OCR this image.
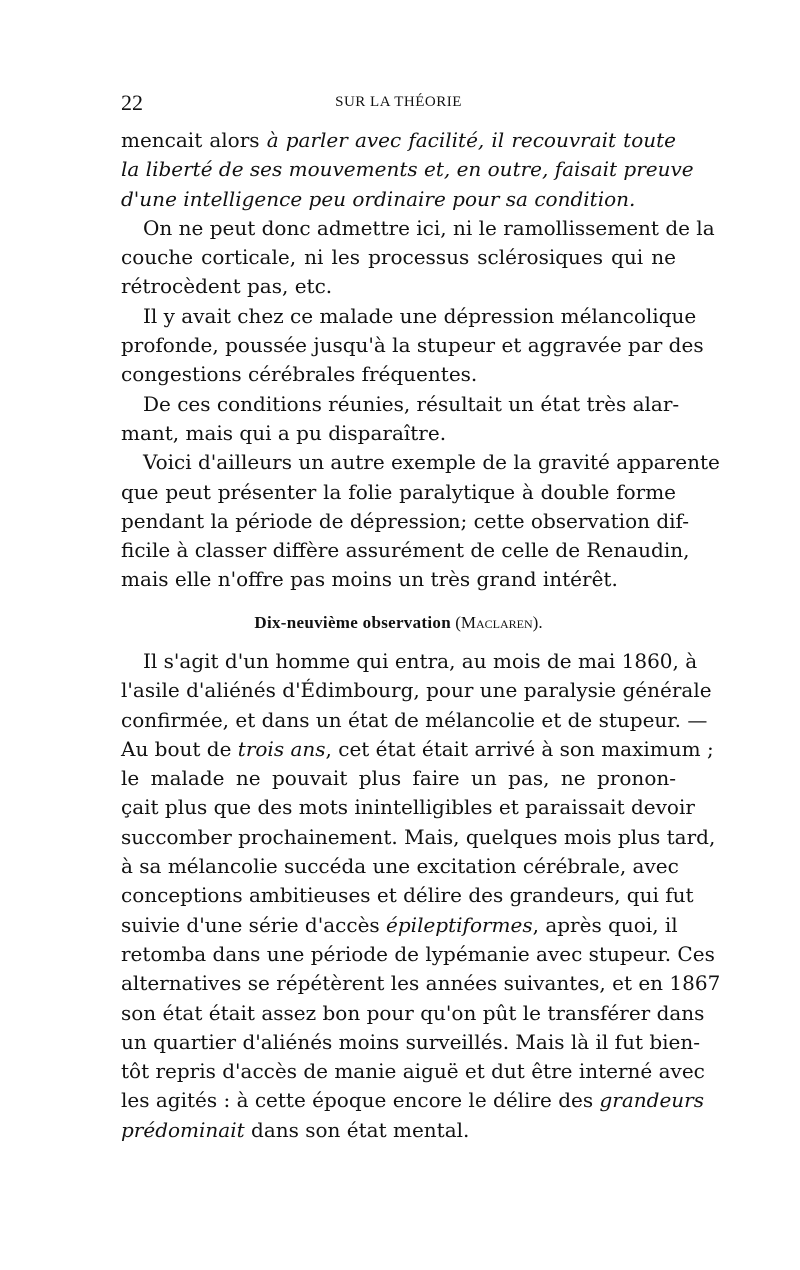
22	SUR LA THÉORIE

mencait alors à parler avec facilité, il recouvrait toute
la liberté de ses mouvements et, en outre, faisait preuve
d'une intelligence peu ordinaire pour sa condition.

On ne peut donc admettre ici, ni le ramollissement de la
couche corticale, ni les processus sclérosiques qui ne
rétrocèdent pas, etc.

Il y avait chez ce malade une dépression mélancolique
profonde, poussée jusqu'à la stupeur et aggravée par des
congestions cérébrales fréquentes.

De ces conditions réunies, résultait un état très alar-
mant, mais qui a pu disparaître.

Voici d'ailleurs un autre exemple de la gravité apparente
que peut présenter la folie paralytique à double forme
pendant la période de dépression; cette observation dif-
ficile à classer diffère assurément de celle de Renaudin,
mais elle n'offre pas moins un très grand intérêt.

Dix-neuvième observation (Maclaren).

Il s'agit d'un homme qui entra, au mois de mai 1860, à
l'asile d'aliénés d'Édimbourg, pour une paralysie générale
confirmée, et dans un état de mélancolie et de stupeur. —
Au bout de trois ans, cet état était arrivé à son maximum ;
le malade ne pouvait plus faire un pas, ne pronon-
çait plus que des mots inintelligibles et paraissait devoir
succomber prochainement. Mais, quelques mois plus tard,
à sa mélancolie succéda une excitation cérébrale, avec
conceptions ambitieuses et délire des grandeurs, qui fut
suivie d'une série d'accès épileptiformes, après quoi, il
retomba dans une période de lypémanie avec stupeur. Ces
alternatives se répétèrent les années suivantes, et en 1867
son état était assez bon pour qu'on pût le transférer dans
un quartier d'aliénés moins surveillés. Mais là il fut bien-
tôt repris d'accès de manie aiguë et dut être interné avec
les agités : à cette époque encore le délire des grandeurs
prédominait dans son état mental.
